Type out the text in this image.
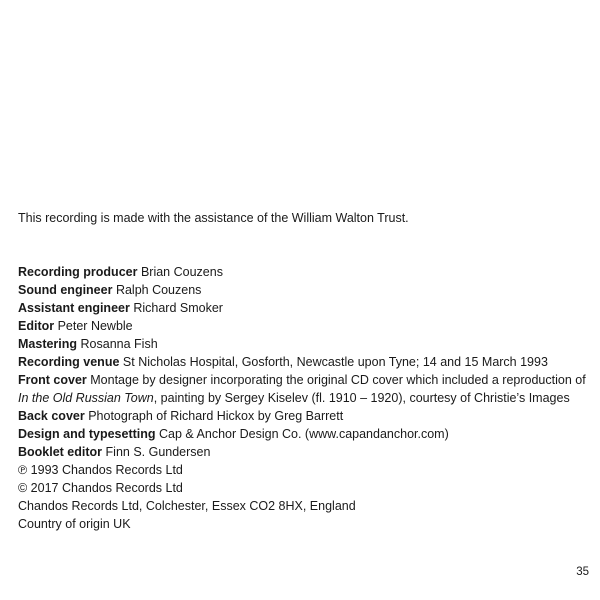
This recording is made with the assistance of the William Walton Trust.

Recording producer Brian Couzens

Sound engineer Ralph Couzens

Assistant engineer Richard Smoker

Editor Peter Newble

Mastering Rosanna Fish

Recording venue St Nicholas Hospital, Gosforth, Newcastle upon Tyne; 14 and 15 March 1993

Front cover Montage by designer incorporating the original CD cover which included a reproduction of In the Old Russian Town, painting by Sergey Kiselev (fl. 1910 – 1920), courtesy of Christie’s Images

Back cover Photograph of Richard Hickox by Greg Barrett

Design and typesetting Cap & Anchor Design Co. (www.capandanchor.com)

Booklet editor Finn S. Gundersen

℗ 1993 Chandos Records Ltd

© 2017 Chandos Records Ltd

Chandos Records Ltd, Colchester, Essex CO2 8HX, England

Country of origin UK

35
